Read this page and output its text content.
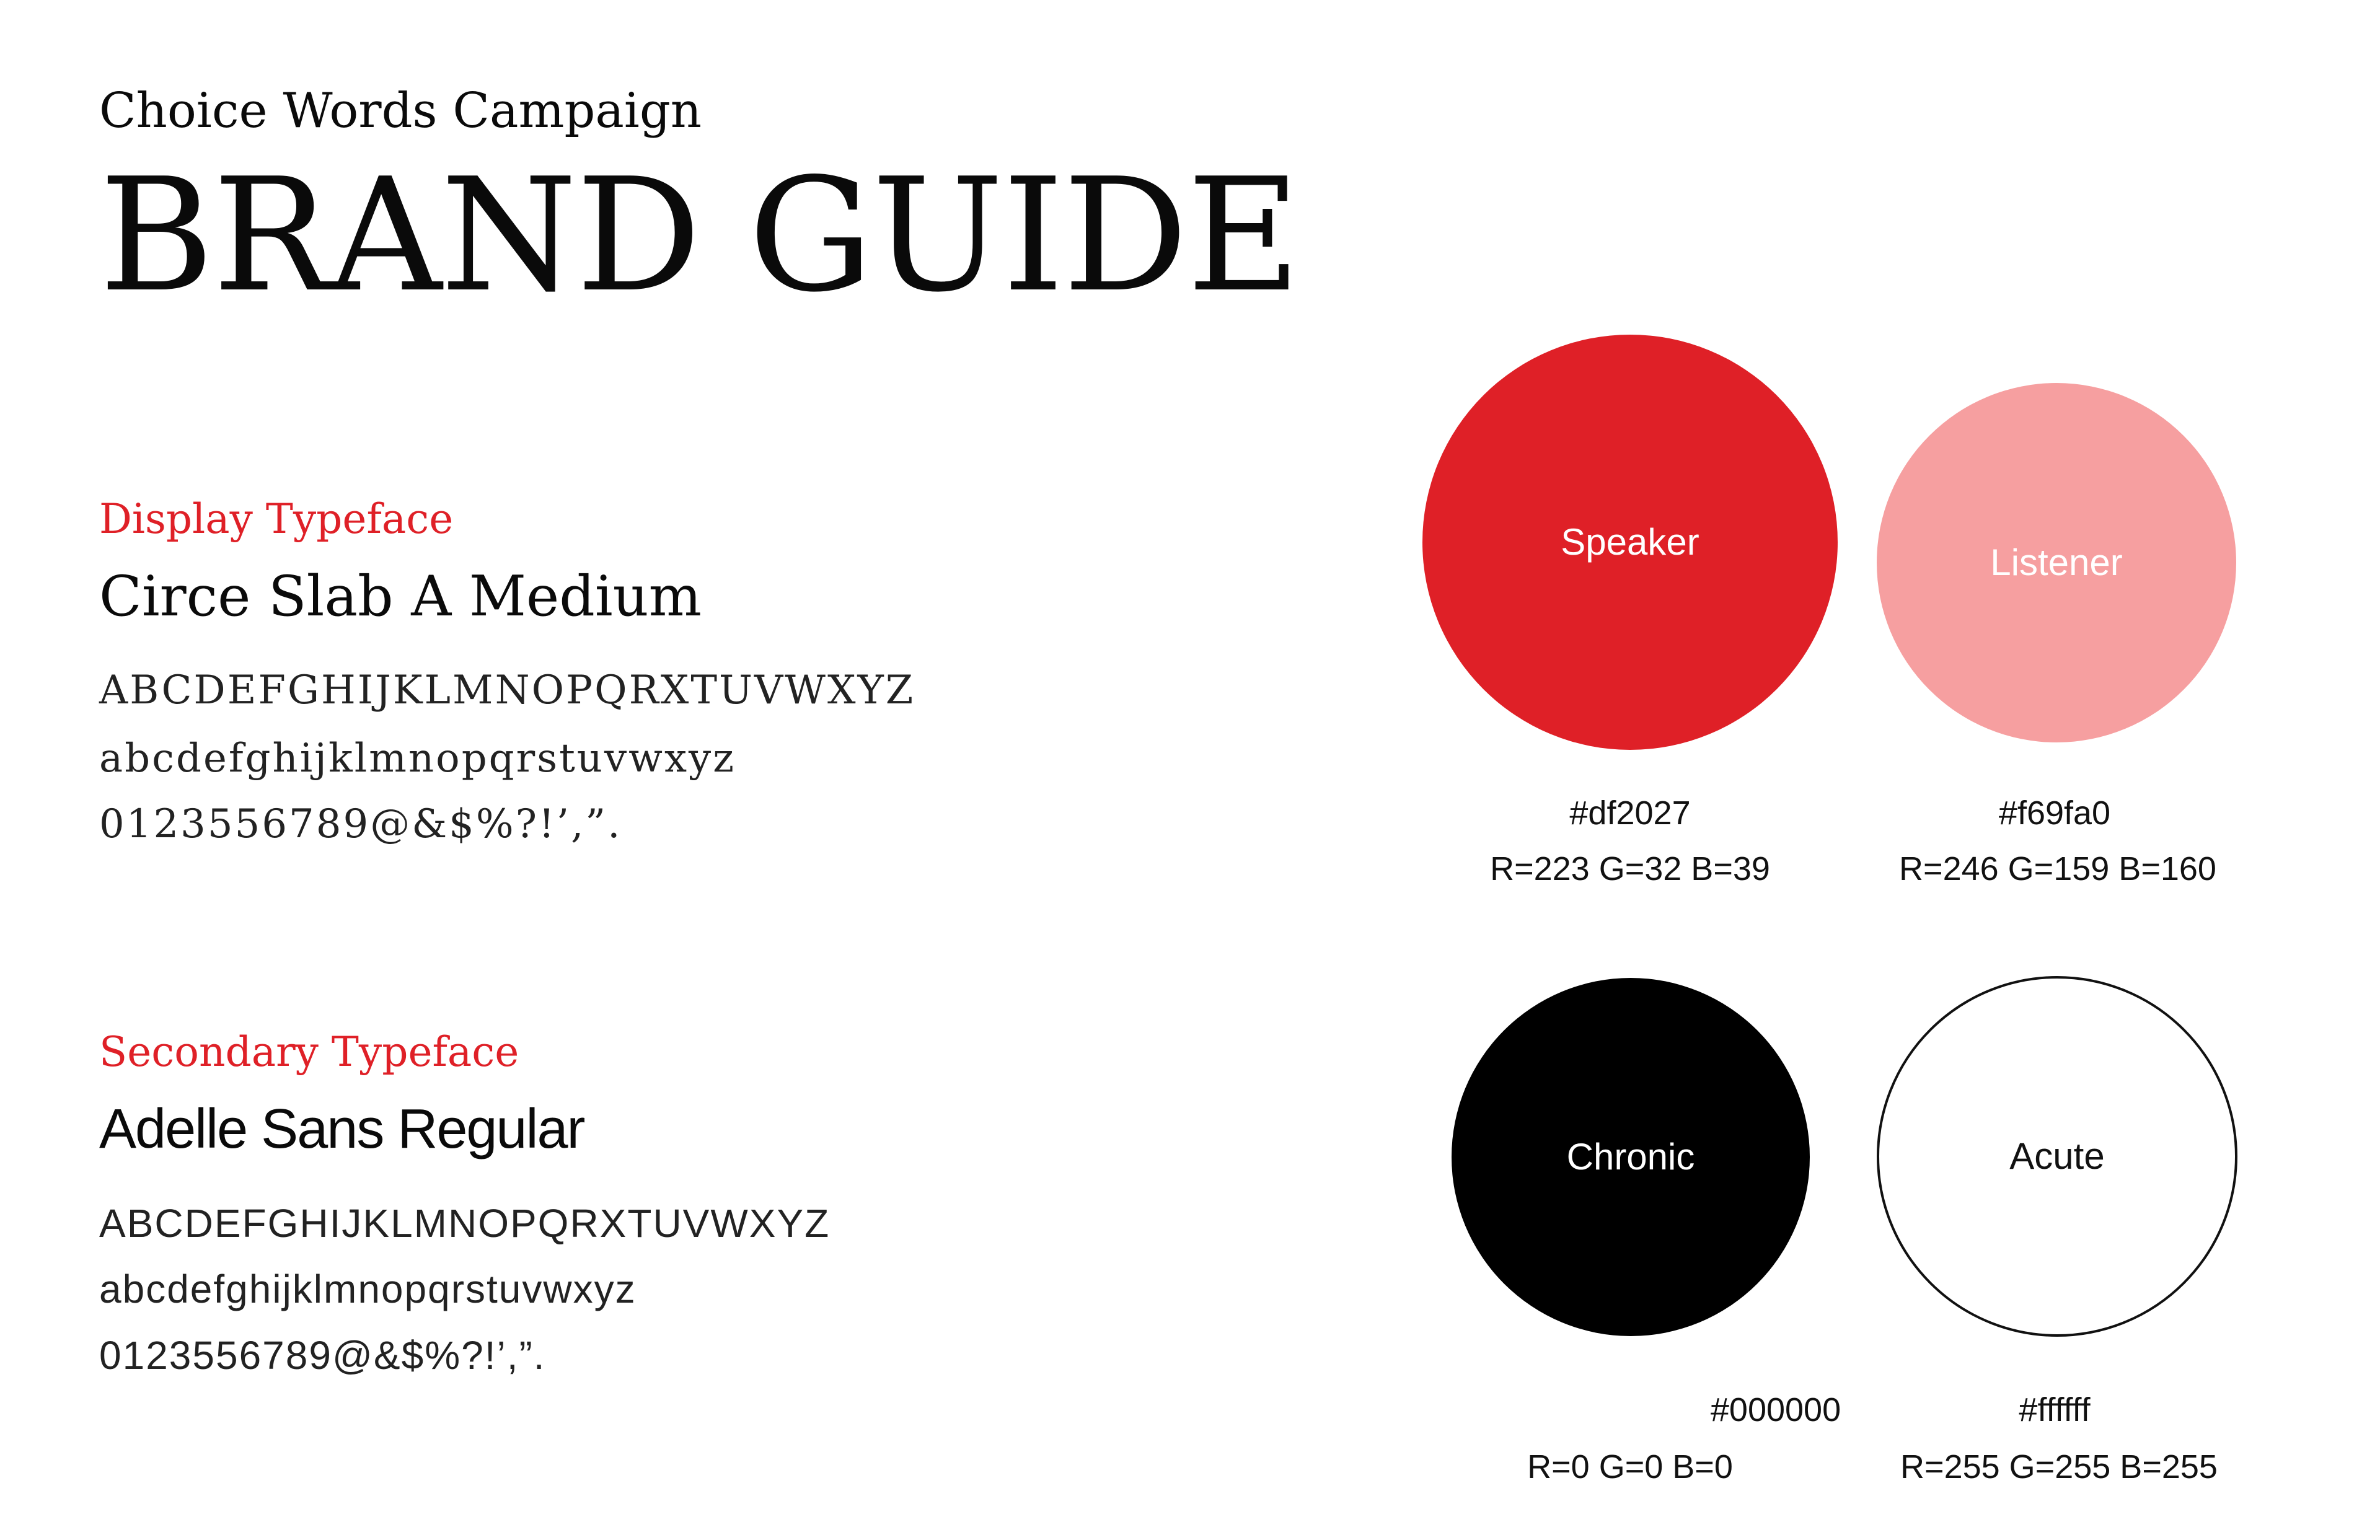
Choice Words Campaign
BRAND GUIDE
Display Typeface
Circe Slab A Medium
ABCDEFGHIJKLMNOPQRXTUVWXYZ
abcdefghijklmnopqrstuvwxyz
0123556789@&$%?!’,”.
Secondary Typeface
Adelle Sans Regular
ABCDEFGHIJKLMNOPQRXTUVWXYZ
abcdefghijklmnopqrstuvwxyz
0123556789@&$%?!’,”.
Speaker
#df2027
R=223 G=32 B=39
Listener
#f69fa0
R=246 G=159 B=160
Chronic
#000000
R=0 G=0 B=0
Acute
#ffffff
R=255 G=255 B=255
